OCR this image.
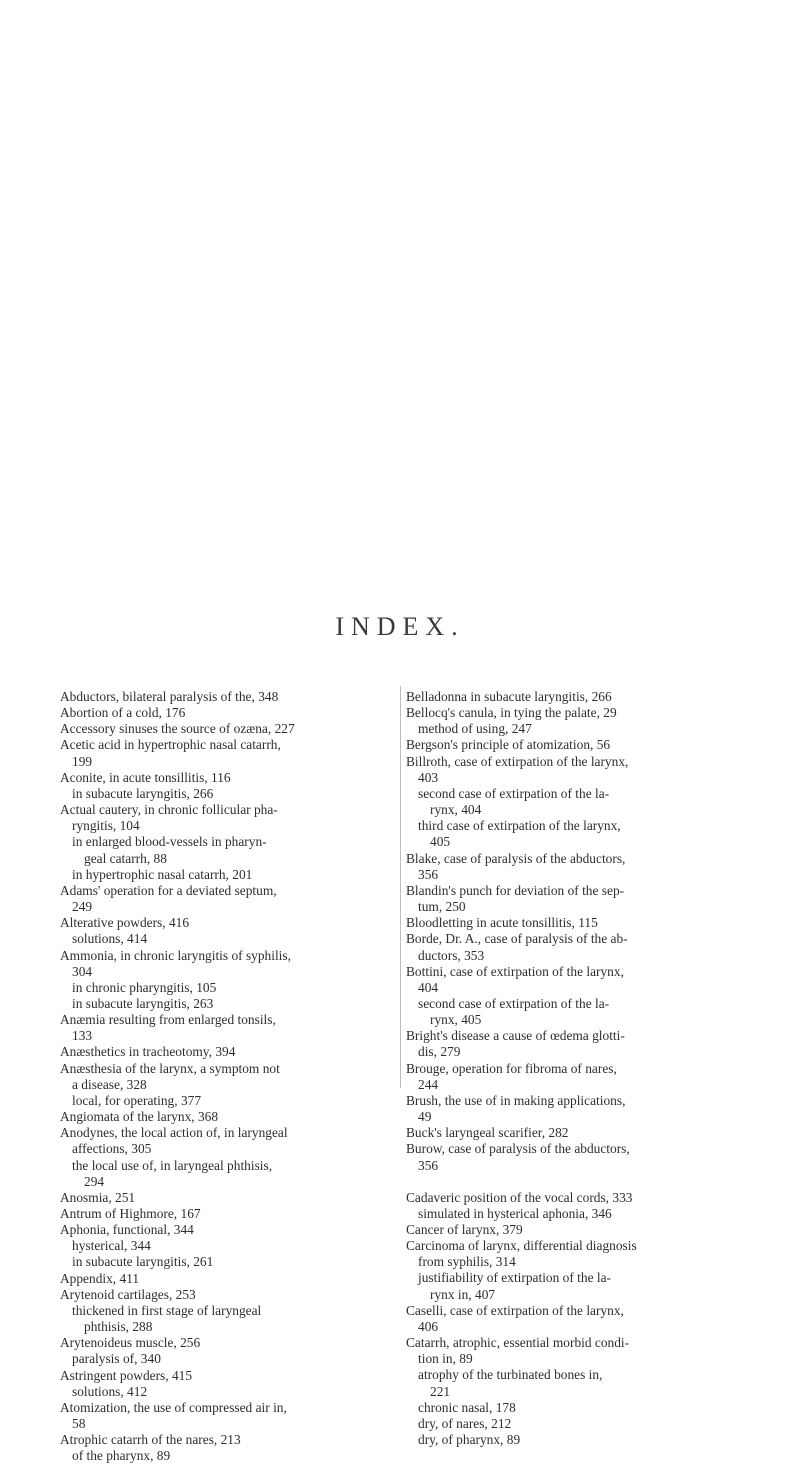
INDEX.
Abductors, bilateral paralysis of the, 348
Abortion of a cold, 176
Accessory sinuses the source of ozæna, 227
Acetic acid in hypertrophic nasal catarrh,
199
Aconite, in acute tonsillitis, 116
in subacute laryngitis, 266
Actual cautery, in chronic follicular pha-
ryngitis, 104
in enlarged blood-vessels in pharyn-
geal catarrh, 88
in hypertrophic nasal catarrh, 201
Adams' operation for a deviated septum,
249
Alterative powders, 416
solutions, 414
Ammonia, in chronic laryngitis of syphilis,
304
in chronic pharyngitis, 105
in subacute laryngitis, 263
Anæmia resulting from enlarged tonsils,
133
Anæsthetics in tracheotomy, 394
Anæsthesia of the larynx, a symptom not
a disease, 328
local, for operating, 377
Angiomata of the larynx, 368
Anodynes, the local action of, in laryngeal
affections, 305
the local use of, in laryngeal phthisis,
294
Anosmia, 251
Antrum of Highmore, 167
Aphonia, functional, 344
hysterical, 344
in subacute laryngitis, 261
Appendix, 411
Arytenoid cartilages, 253
thickened in first stage of laryngeal
phthisis, 288
Arytenoideus muscle, 256
paralysis of, 340
Astringent powders, 415
solutions, 412
Atomization, the use of compressed air in,
58
Atrophic catarrh of the nares, 213
of the pharynx, 89
Belladonna in subacute laryngitis, 266
Bellocq's canula, in tying the palate, 29
method of using, 247
Bergson's principle of atomization, 56
Billroth, case of extirpation of the larynx,
403
second case of extirpation of the la-
rynx, 404
third case of extirpation of the larynx,
405
Blake, case of paralysis of the abductors,
356
Blandin's punch for deviation of the sep-
tum, 250
Bloodletting in acute tonsillitis, 115
Borde, Dr. A., case of paralysis of the ab-
ductors, 353
Bottini, case of extirpation of the larynx,
404
second case of extirpation of the la-
rynx, 405
Bright's disease a cause of œdema glotti-
dis, 279
Brouge, operation for fibroma of nares,
244
Brush, the use of in making applications,
49
Buck's laryngeal scarifier, 282
Burow, case of paralysis of the abductors,
356
Cadaveric position of the vocal cords, 333
simulated in hysterical aphonia, 346
Cancer of larynx, 379
Carcinoma of larynx, differential diagnosis
from syphilis, 314
justifiability of extirpation of the la-
rynx in, 407
Caselli, case of extirpation of the larynx,
406
Catarrh, atrophic, essential morbid condi-
tion in, 89
atrophy of the turbinated bones in,
221
chronic nasal, 178
dry, of nares, 212
dry, of pharynx, 89
